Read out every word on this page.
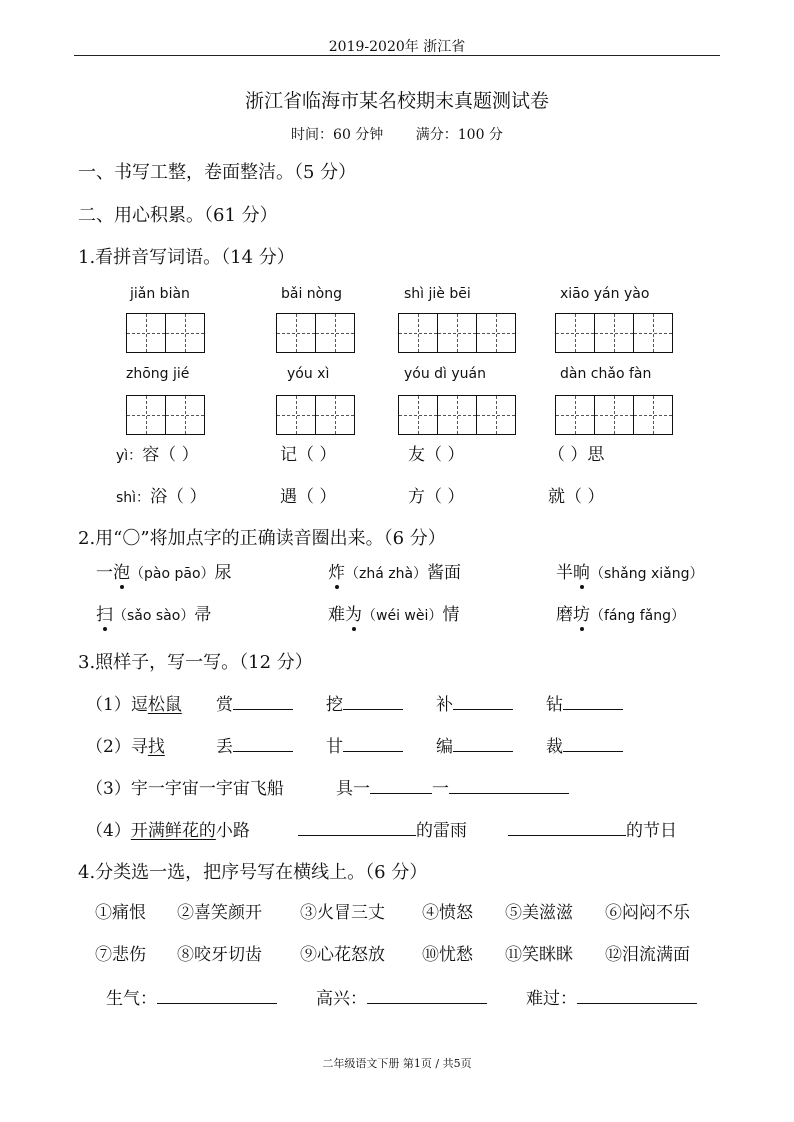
2019-2020年 浙江省
浙江省临海市某名校期末真题测试卷
时间：60 分钟 满分：100 分
一、书写工整，卷面整洁。（5 分）
二、用心积累。（61 分）
1.看拼音写词语。（14 分）
jiǎn biàn	bǎi nòng	shì jiè bēi	xiāo yán yào
zhōng jié	yóu xì	yóu dì yuán	dàn chǎo fàn
yì：容（ ）	记（ ）	友（ ）	（ ）思
shì：浴（ ）	遇（ ）	方（ ）	就（ ）
2.用“〇”将加点字的正确读音圈出来。（6 分）
一泡（pào pāo）尿	炸（zhá zhà）酱面	半晌（shǎng xiǎng）
扫（sǎo sào）帚	难为（wéi wèi）情	磨坊（fáng fǎng）
3.照样子，写一写。（12 分）
（1）逗松鼠 赏	挖	补	钻
（2）寻找	丢	甘	编	裁
（3）宇一宇宙一宇宙飞船	具一	一
（4）开满鲜花的小路	的雷雨	的节日
4.分类选一选，把序号写在横线上。（6 分）
①痛恨 ②喜笑颜开 ③火冒三丈 ④愤怒 ⑤美滋滋 ⑥闷闷不乐
⑦悲伤 ⑧咬牙切齿 ⑨心花怒放 ⑩忧愁 ⑪笑眯眯 ⑫泪流满面
生气：	高兴：	难过：
二年级语文下册 第1页 / 共5页
